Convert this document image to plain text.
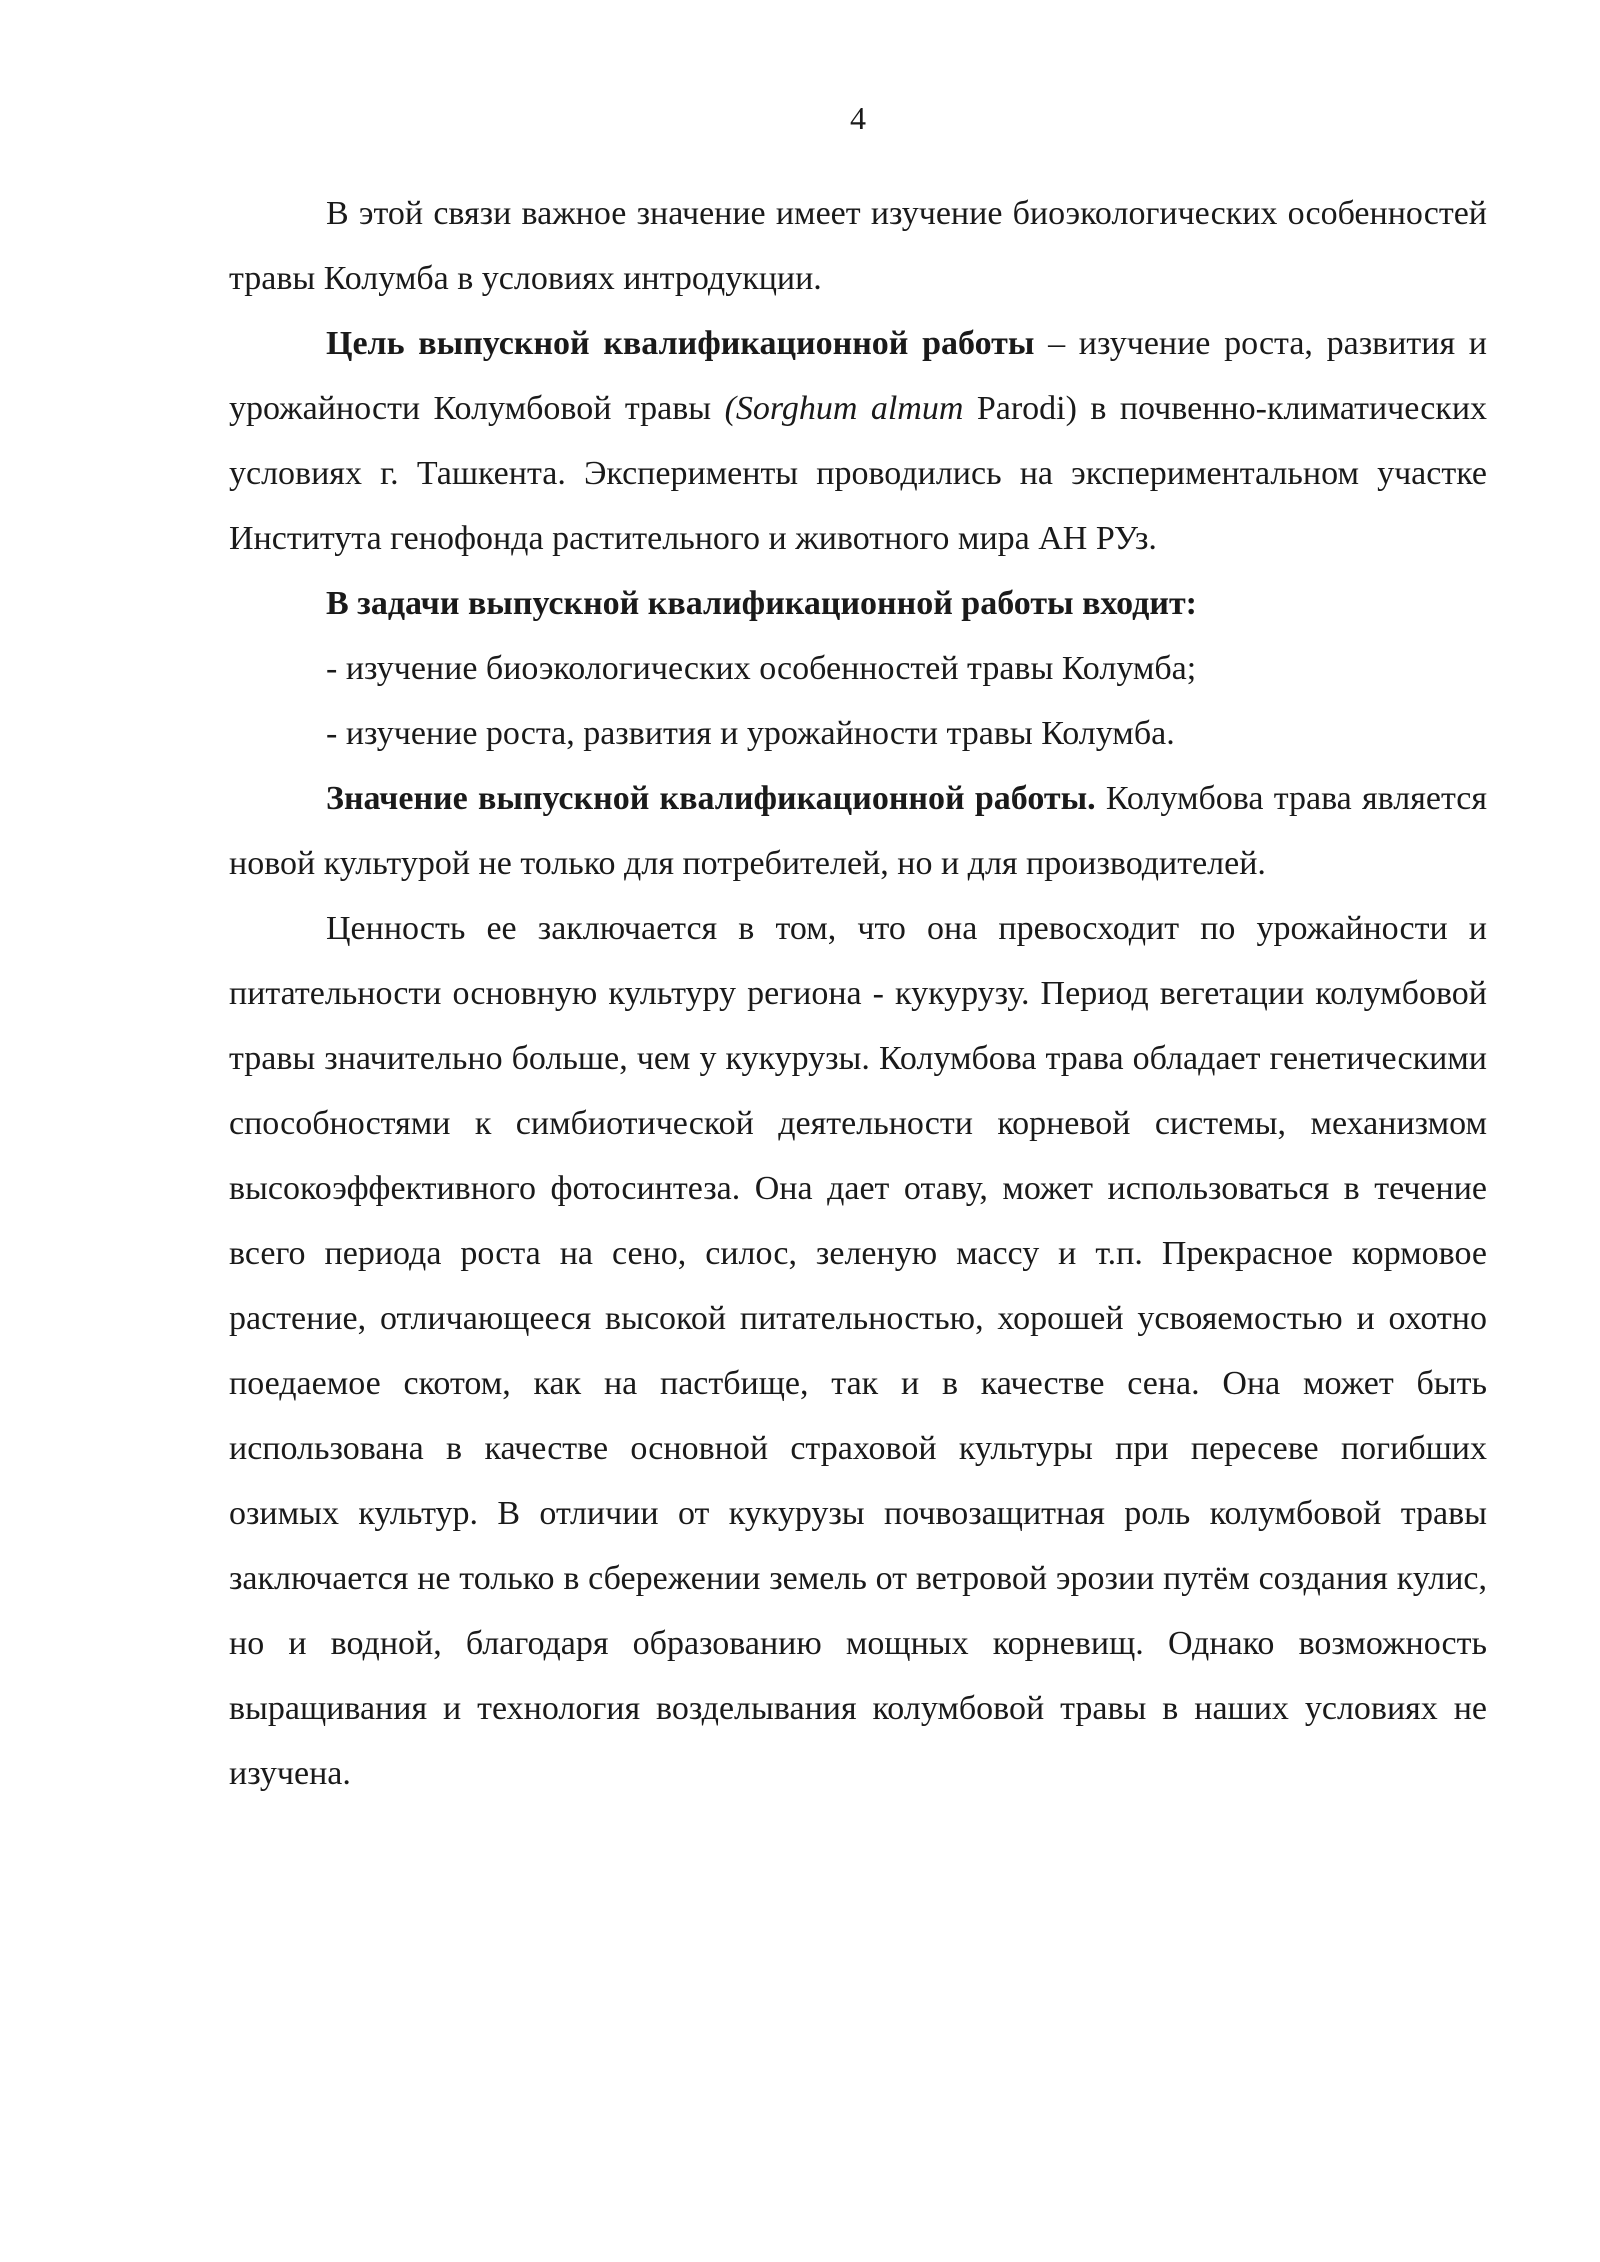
4

В этой связи важное значение имеет изучение биоэкологических особенностей травы Колумба в условиях интродукции.

Цель выпускной квалификационной работы – изучение роста, развития и урожайности Колумбовой травы (Sorghum almum Parodi) в почвенно-климатических условиях г. Ташкента. Эксперименты проводились на экспериментальном участке Института генофонда растительного и животного мира АН РУз.

В задачи выпускной квалификационной работы входит:

- изучение биоэкологических особенностей травы Колумба;

- изучение роста, развития и урожайности травы Колумба.

Значение выпускной квалификационной работы. Колумбова трава является новой культурой не только для потребителей, но и для производителей.

Ценность ее заключается в том, что она превосходит по урожайности и питательности основную культуру региона - кукурузу. Период вегетации колумбовой травы значительно больше, чем у кукурузы. Колумбова трава обладает генетическими способностями к симбиотической деятельности корневой системы, механизмом высокоэффективного фотосинтеза. Она дает отаву, может использоваться в течение всего периода роста на сено, силос, зеленую массу и т.п. Прекрасное кормовое растение, отличающееся высокой питательностью, хорошей усвояемостью и охотно поедаемое скотом, как на пастбище, так и в качестве сена. Она может быть использована в качестве основной страховой культуры при пересеве погибших озимых культур. В отличии от кукурузы почвозащитная роль колумбовой травы заключается не только в сбережении земель от ветровой эрозии путём создания кулис, но и водной, благодаря образованию мощных корневищ. Однако возможность выращивания и технология возделывания колумбовой травы в наших условиях не изучена.
